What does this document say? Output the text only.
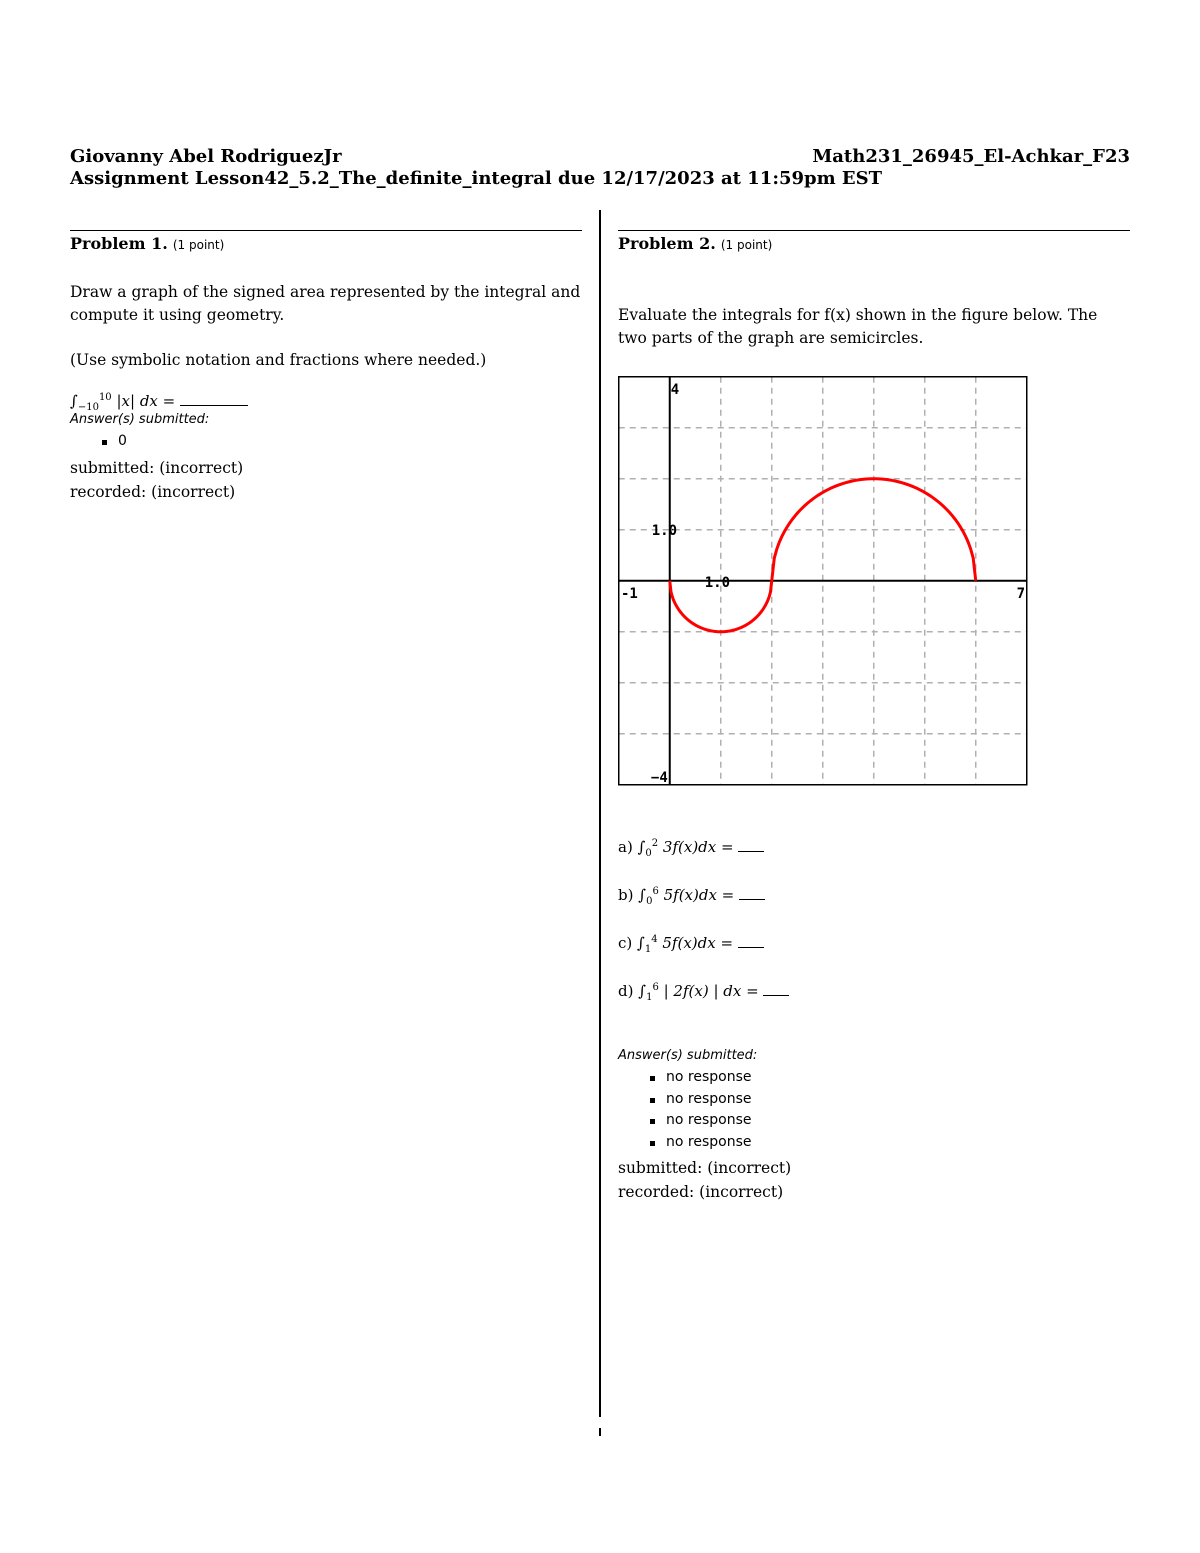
Giovanny Abel RodriguezJr	Math231_26945_El-Achkar_F23
Assignment Lesson42_5.2_The_definite_integral due 12/17/2023 at 11:59pm EST
Problem 1. (1 point)
Draw a graph of the signed area represented by the integral and compute it using geometry.
(Use symbolic notation and fractions where needed.)
$\int_{-10}^{10}$ |x| dx =
Answer(s) submitted:
0
submitted: (incorrect)
recorded: (incorrect)
Problem 2. (1 point)
Evaluate the integrals for f(x) shown in the figure below. The two parts of the graph are semicircles.
4
−4
-1	7
1.0
1.0
a) $\int_0^2$ 3f(x)dx =
b) $\int_0^6$ 5f(x)dx =
c) $\int_1^4$ 5f(x)dx =
d) $\int_1^6$ | 2f(x) | dx =
Answer(s) submitted:
no response
no response
no response
no response
submitted: (incorrect)
recorded: (incorrect)
